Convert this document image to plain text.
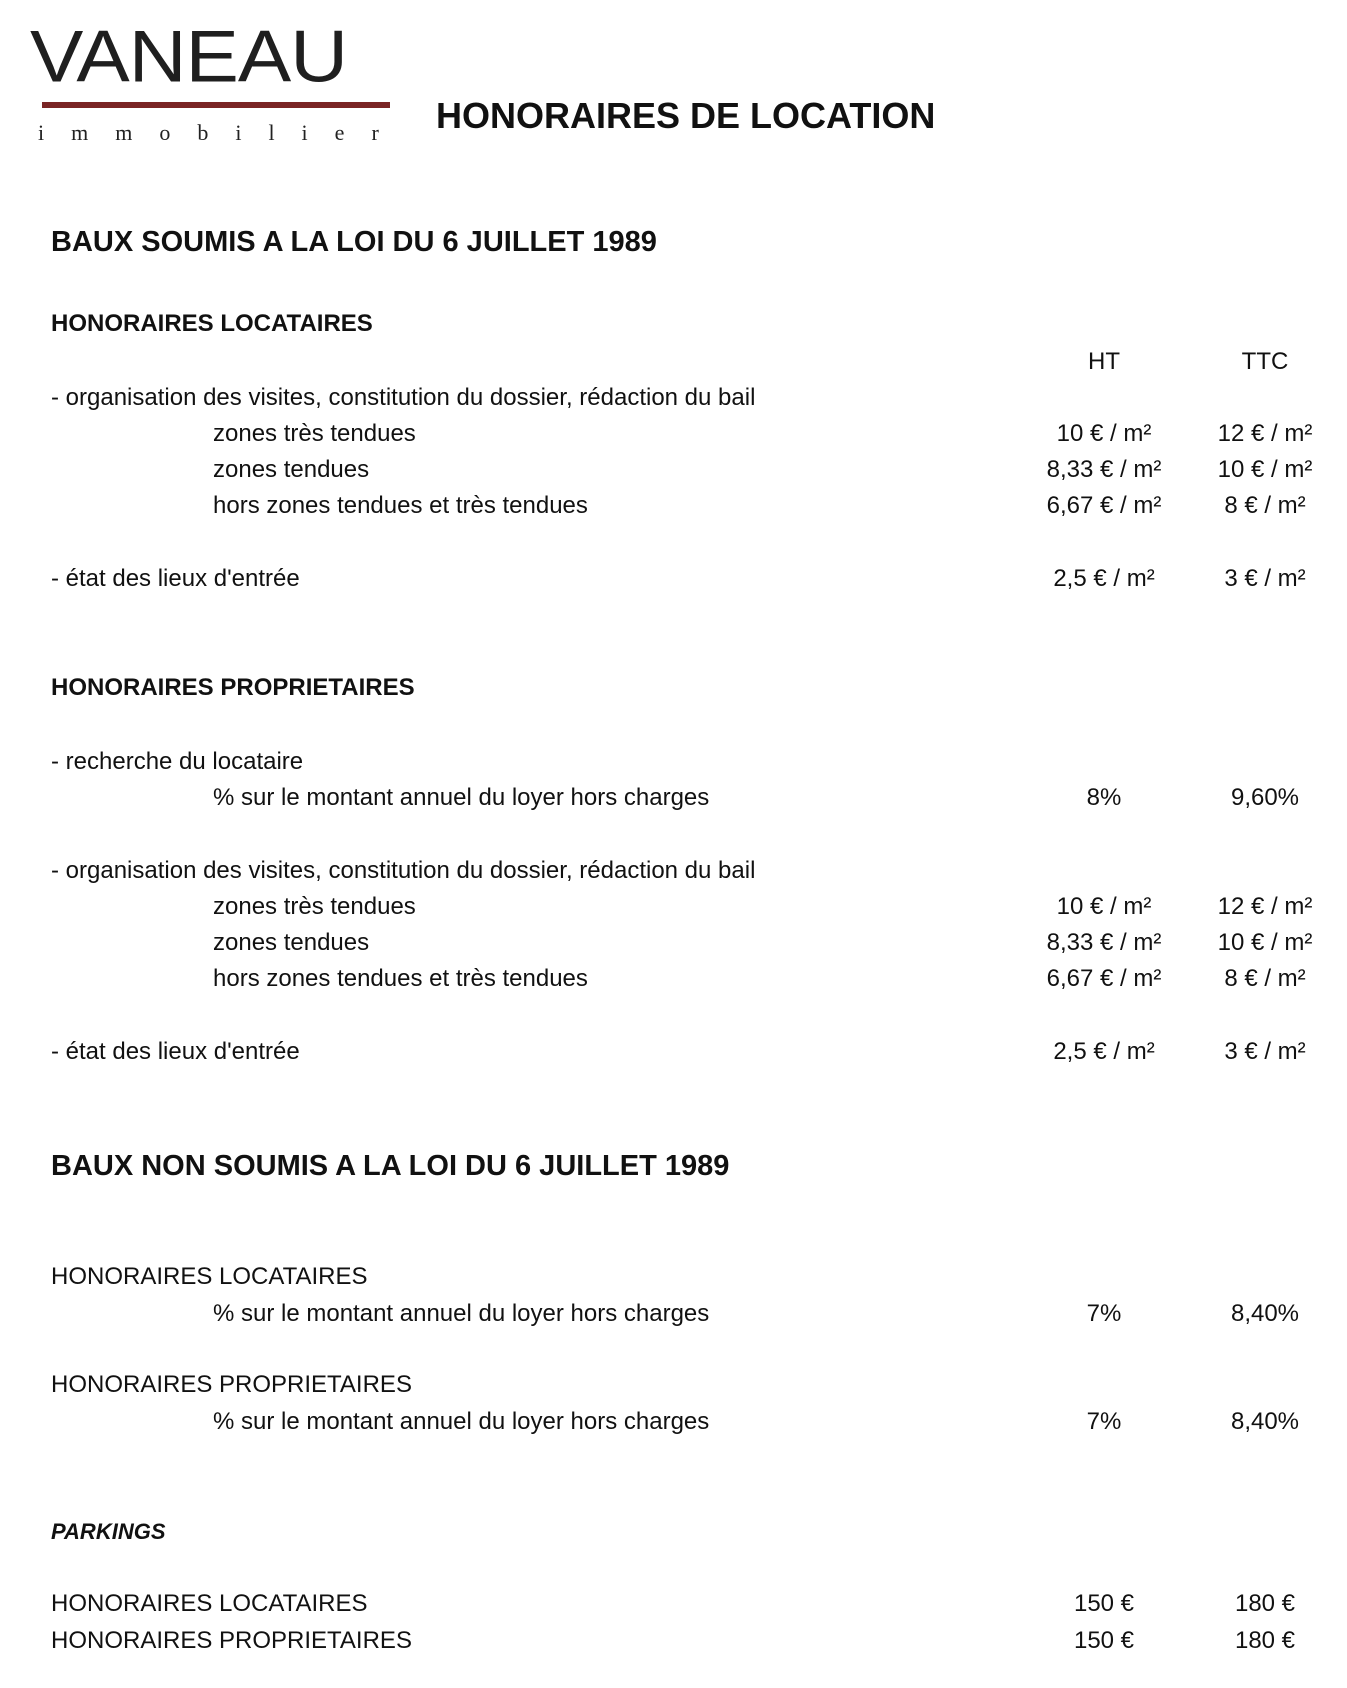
VANEAU
immobilier HONORAIRES DE LOCATION
BAUX SOUMIS A LA LOI DU 6 JUILLET 1989
HONORAIRES LOCATAIRES
HT	TTC
- organisation des visites, constitution du dossier, rédaction du bail
zones très tendues	10 € / m²	12 € / m²
zones tendues	8,33 € / m²	10 € / m²
hors zones tendues et très tendues	6,67 € / m²	8 € / m²
- état des lieux d'entrée	2,5 € / m²	3 € / m²
HONORAIRES PROPRIETAIRES
- recherche du locataire
% sur le montant annuel du loyer hors charges	8%	9,60%
- organisation des visites, constitution du dossier, rédaction du bail
zones très tendues	10 € / m²	12 € / m²
zones tendues	8,33 € / m²	10 € / m²
hors zones tendues et très tendues	6,67 € / m²	8 € / m²
- état des lieux d'entrée	2,5 € / m²	3 € / m²
BAUX NON SOUMIS A LA LOI DU 6 JUILLET 1989
HONORAIRES LOCATAIRES
% sur le montant annuel du loyer hors charges	7%	8,40%
HONORAIRES PROPRIETAIRES
% sur le montant annuel du loyer hors charges	7%	8,40%
PARKINGS
HONORAIRES LOCATAIRES	150 €	180 €
HONORAIRES PROPRIETAIRES	150 €	180 €
